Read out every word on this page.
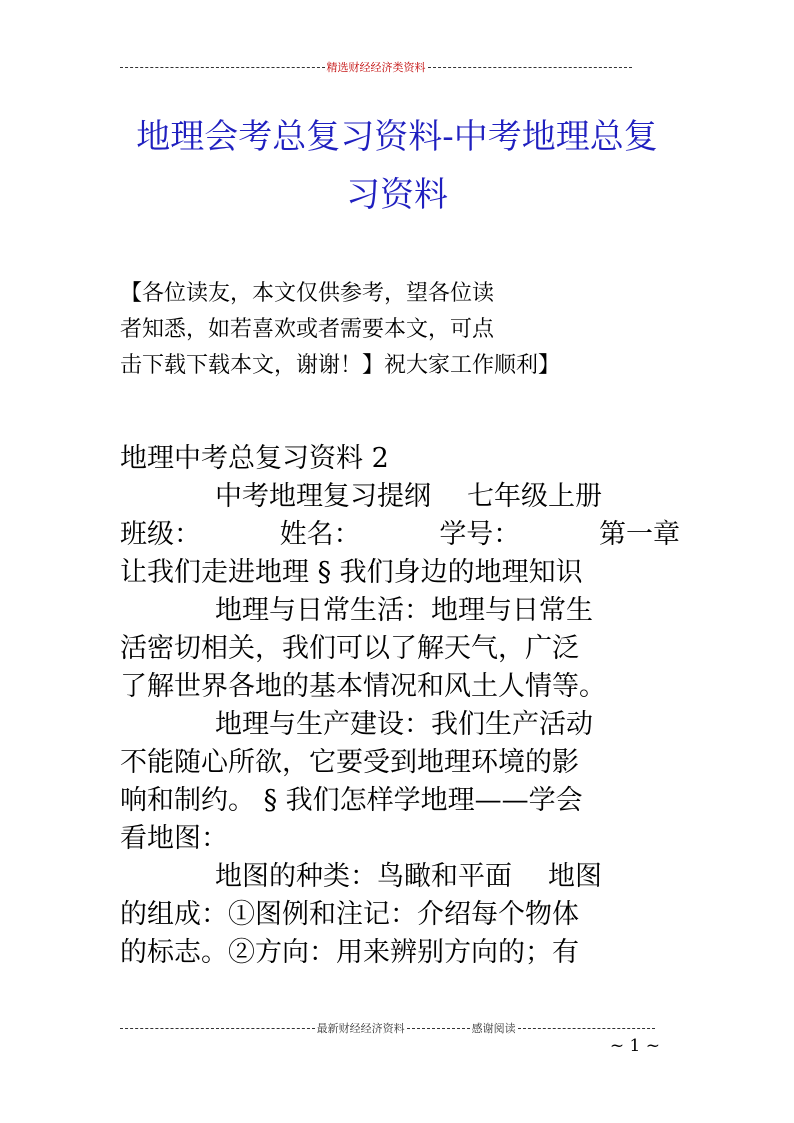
精选财经经济类资料
地理会考总复习资料-中考地理总复
习资料

【各位读友，本文仅供参考，望各位读

者知悉，如若喜欢或者需要本文，可点

击下载下载本文，谢谢！】祝大家工作顺利】

地理中考总复习资料 2

中考地理复习提纲 七年级上册

班级：	姓名：	学号：	第一章

让我们走进地理 § 我们身边的地理知识

地理与日常生活：地理与日常生

活密切相关，我们可以了解天气，广泛

了解世界各地的基本情况和风土人情等。

地理与生产建设：我们生产活动

不能随心所欲，它要受到地理环境的影

响和制约。 § 我们怎样学地理——学会

看地图：

地图的种类：鸟瞰和平面 地图

的组成：①图例和注记：介绍每个物体

的标志。②方向：用来辨别方向的；有

最新财经经济资料	感谢阅读
~ 1 ~
